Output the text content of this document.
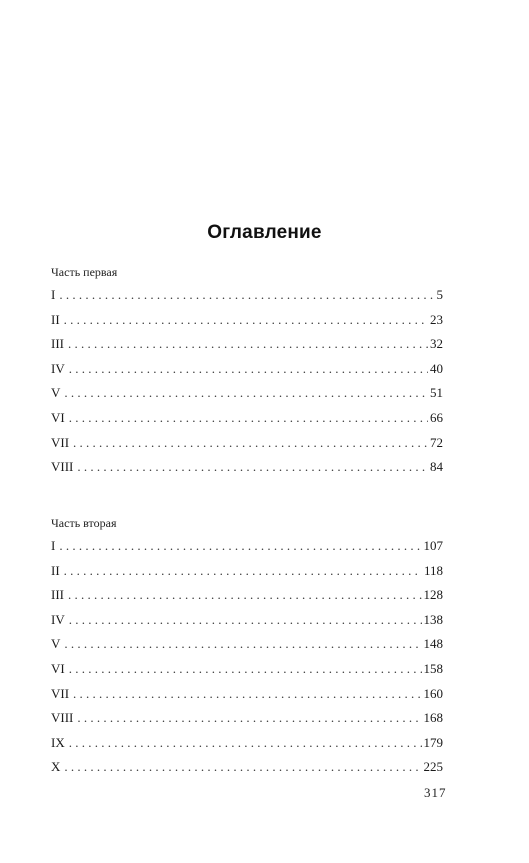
Оглавление
Часть первая
I . . .	5
II . . .	23
III . . .	32
IV . . .	40
V . . .	51
VI . . .	66
VII . . .	72
VIII . . .	84
Часть вторая
I . . .	107
II . . .	118
III . . .	128
IV . . .	138
V . . .	148
VI . . .	158
VII . . .	160
VIII . . .	168
IX . . .	179
X . . .	225
317
